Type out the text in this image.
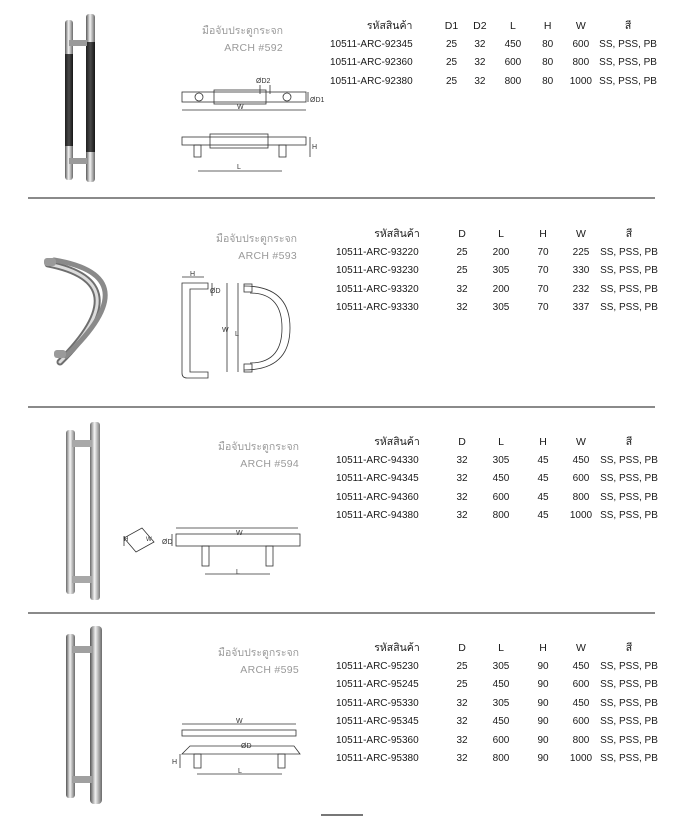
มือจับประตูกระจก
ARCH #592
ØD2
ØD1
W
H
L
รหัสสินค้า	D1	D2	L	H	W	สี
10511-ARC-92345	25	32	450	80	600	SS, PSS, PB
10511-ARC-92360	25	32	600	80	800	SS, PSS, PB
10511-ARC-92380	25	32	800	80	1000	SS, PSS, PB
มือจับประตูกระจก
ARCH #593
H
ØD
W
L
รหัสสินค้า	D	L	H	W	สี
10511-ARC-93220	25	200	70	225	SS, PSS, PB
10511-ARC-93230	25	305	70	330	SS, PSS, PB
10511-ARC-93320	32	200	70	232	SS, PSS, PB
10511-ARC-93330	32	305	70	337	SS, PSS, PB
มือจับประตูกระจก
ARCH #594
H	W
W
ØD
L
รหัสสินค้า	D	L	H	W	สี
10511-ARC-94330	32	305	45	450	SS, PSS, PB
10511-ARC-94345	32	450	45	600	SS, PSS, PB
10511-ARC-94360	32	600	45	800	SS, PSS, PB
10511-ARC-94380	32	800	45	1000	SS, PSS, PB
มือจับประตูกระจก
ARCH #595
W
ØD
H
L
รหัสสินค้า	D	L	H	W	สี
10511-ARC-95230	25	305	90	450	SS, PSS, PB
10511-ARC-95245	25	450	90	600	SS, PSS, PB
10511-ARC-95330	32	305	90	450	SS, PSS, PB
10511-ARC-95345	32	450	90	600	SS, PSS, PB
10511-ARC-95360	32	600	90	800	SS, PSS, PB
10511-ARC-95380	32	800	90	1000	SS, PSS, PB
